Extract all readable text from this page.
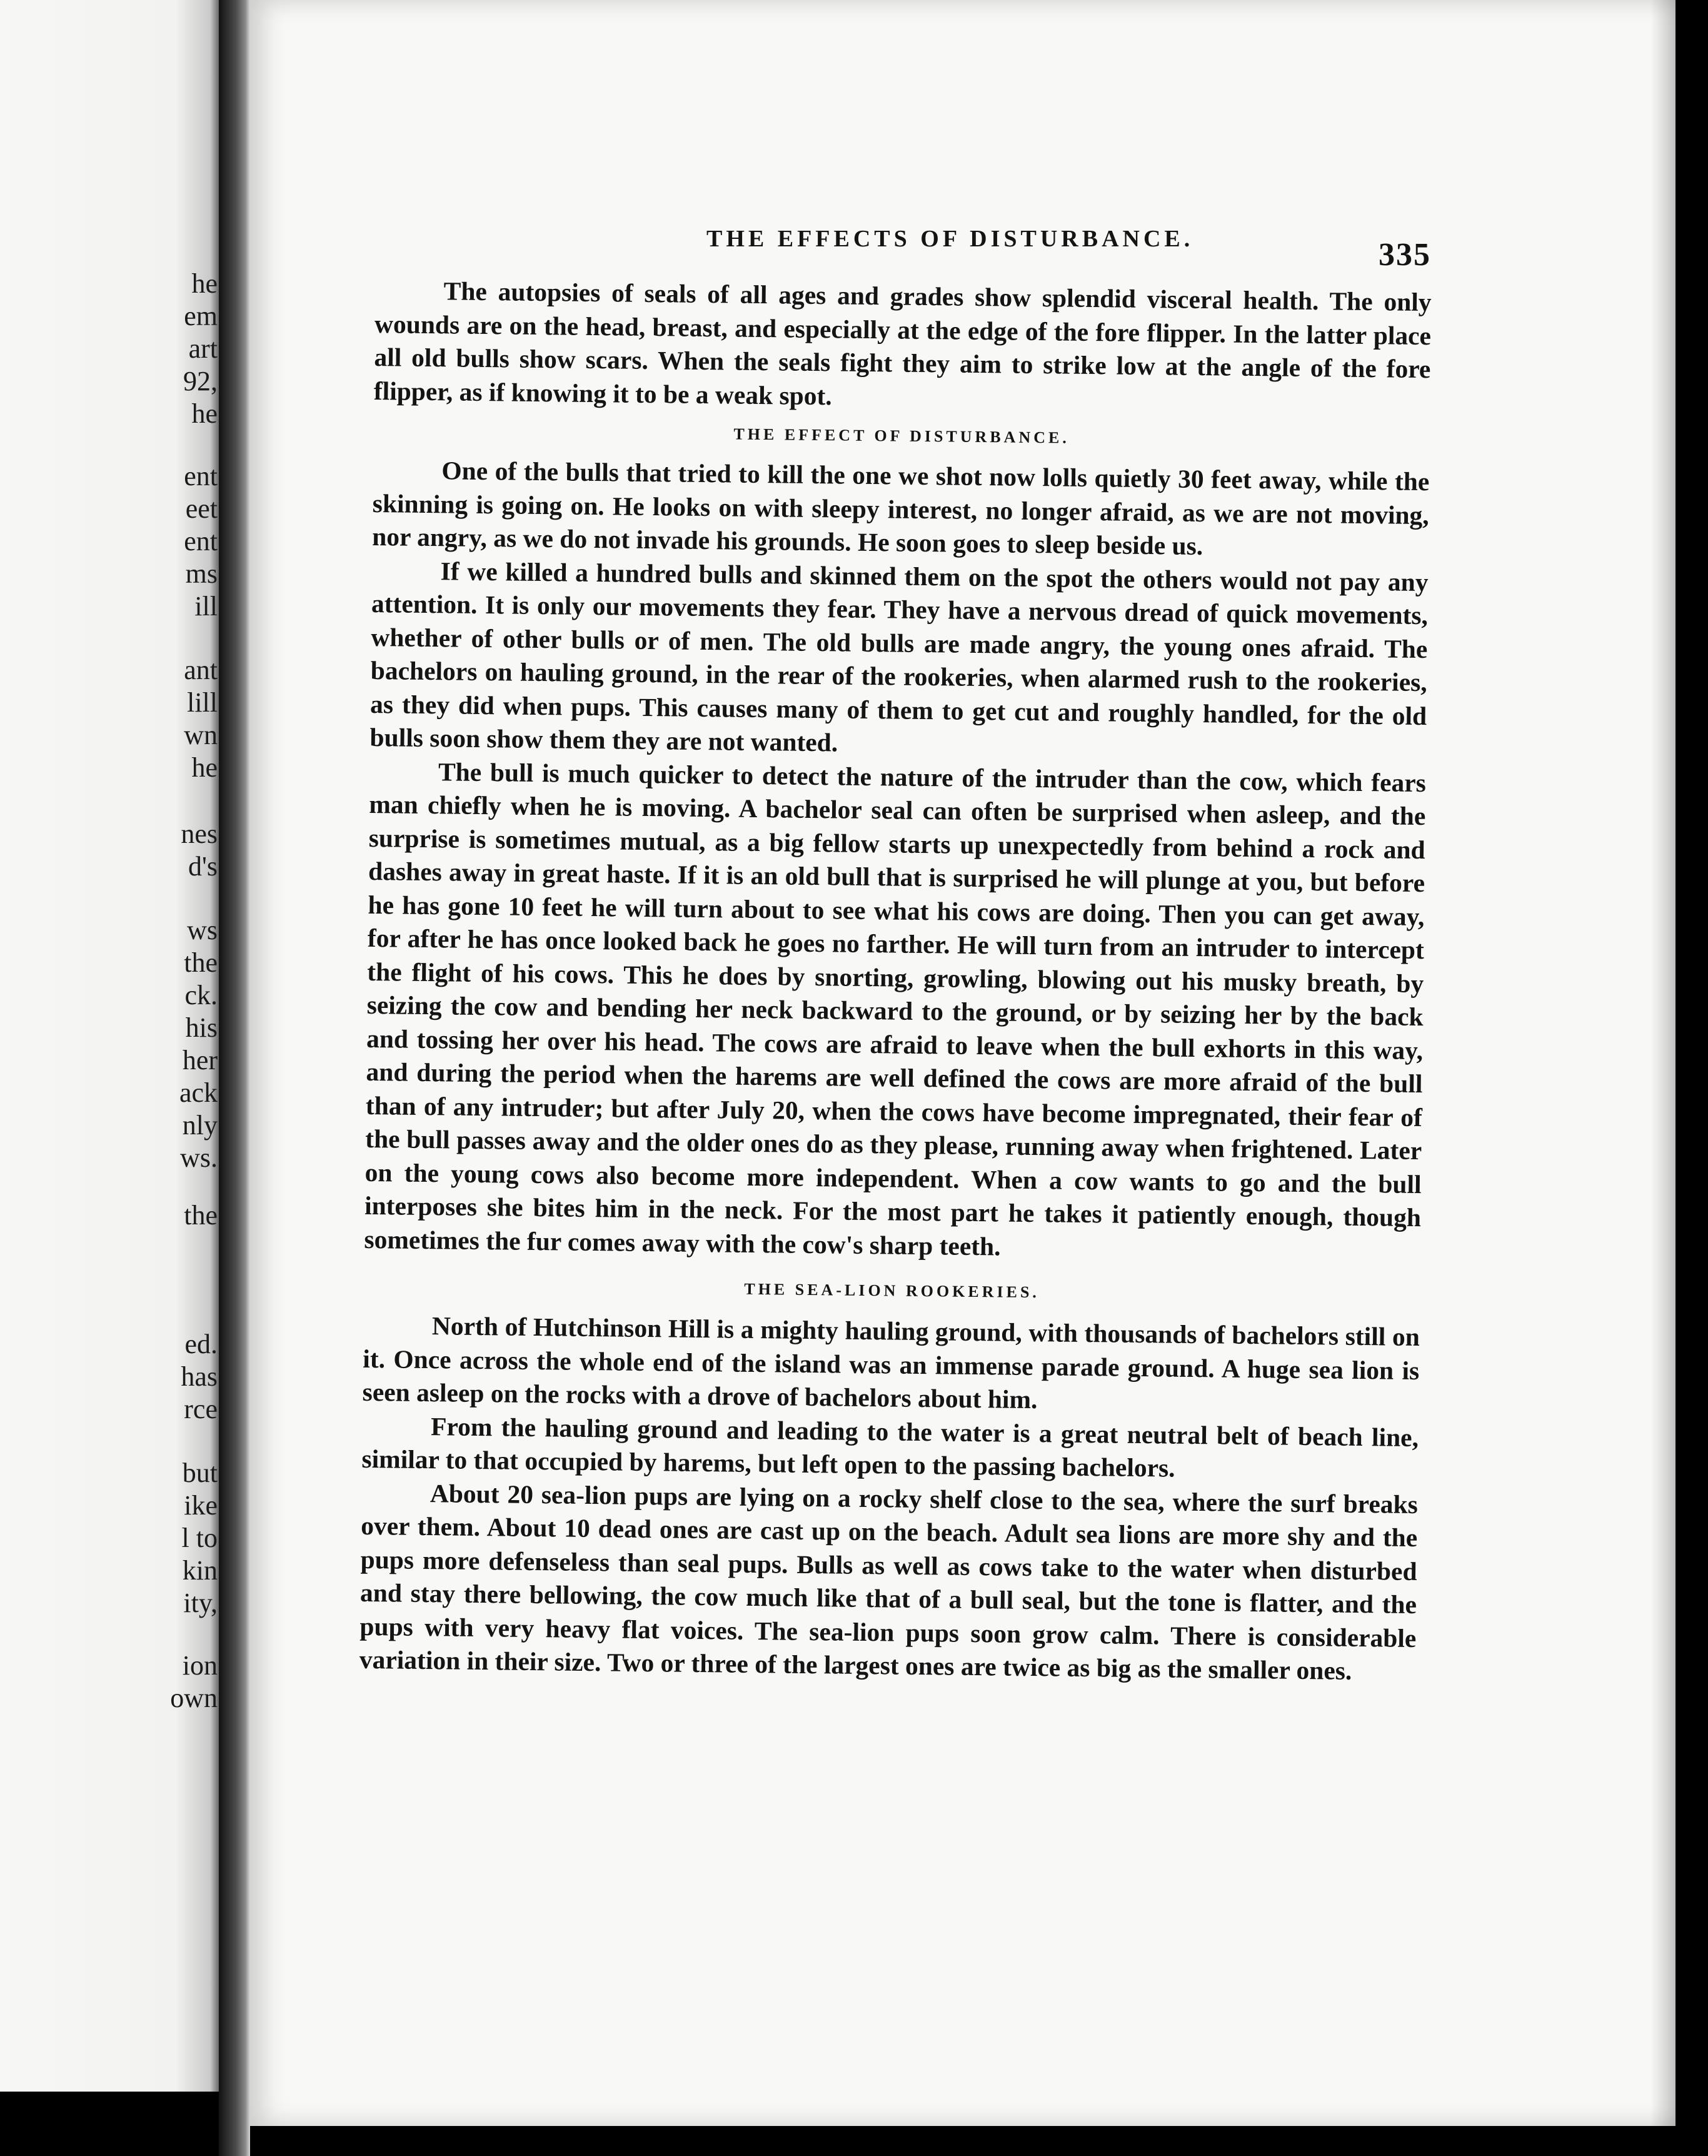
he
em
art
92,
he
ent
eet
ent
ms
ill
ant
lill
wn
he
nes
d's
ws
the
ck.
his
her
ack
nly
ws.
the
ed.
has
rce
but
ike
l to
kin
ity,
ion
own
THE EFFECTS OF DISTURBANCE.	335

The autopsies of seals of all ages and grades show splendid visceral health. The only wounds are on the head, breast, and especially at the edge of the fore flipper. In the latter place all old bulls show scars. When the seals fight they aim to strike low at the angle of the fore flipper, as if knowing it to be a weak spot.

THE EFFECT OF DISTURBANCE.

One of the bulls that tried to kill the one we shot now lolls quietly 30 feet away, while the skinning is going on. He looks on with sleepy interest, no longer afraid, as we are not moving, nor angry, as we do not invade his grounds. He soon goes to sleep beside us.

If we killed a hundred bulls and skinned them on the spot the others would not pay any attention. It is only our movements they fear. They have a nervous dread of quick movements, whether of other bulls or of men. The old bulls are made angry, the young ones afraid. The bachelors on hauling ground, in the rear of the rookeries, when alarmed rush to the rookeries, as they did when pups. This causes many of them to get cut and roughly handled, for the old bulls soon show them they are not wanted.

The bull is much quicker to detect the nature of the intruder than the cow, which fears man chiefly when he is moving. A bachelor seal can often be surprised when asleep, and the surprise is sometimes mutual, as a big fellow starts up unexpectedly from behind a rock and dashes away in great haste. If it is an old bull that is surprised he will plunge at you, but before he has gone 10 feet he will turn about to see what his cows are doing. Then you can get away, for after he has once looked back he goes no farther. He will turn from an intruder to intercept the flight of his cows. This he does by snorting, growling, blowing out his musky breath, by seizing the cow and bending her neck backward to the ground, or by seizing her by the back and tossing her over his head. The cows are afraid to leave when the bull exhorts in this way, and during the period when the harems are well defined the cows are more afraid of the bull than of any intruder; but after July 20, when the cows have become impregnated, their fear of the bull passes away and the older ones do as they please, running away when frightened. Later on the young cows also become more independent. When a cow wants to go and the bull interposes she bites him in the neck. For the most part he takes it patiently enough, though sometimes the fur comes away with the cow's sharp teeth.

THE SEA-LION ROOKERIES.

North of Hutchinson Hill is a mighty hauling ground, with thousands of bachelors still on it. Once across the whole end of the island was an immense parade ground. A huge sea lion is seen asleep on the rocks with a drove of bachelors about him.

From the hauling ground and leading to the water is a great neutral belt of beach line, similar to that occupied by harems, but left open to the passing bachelors.

About 20 sea-lion pups are lying on a rocky shelf close to the sea, where the surf breaks over them. About 10 dead ones are cast up on the beach. Adult sea lions are more shy and the pups more defenseless than seal pups. Bulls as well as cows take to the water when disturbed and stay there bellowing, the cow much like that of a bull seal, but the tone is flatter, and the pups with very heavy flat voices. The sea-lion pups soon grow calm. There is considerable variation in their size. Two or three of the largest ones are twice as big as the smaller ones.
